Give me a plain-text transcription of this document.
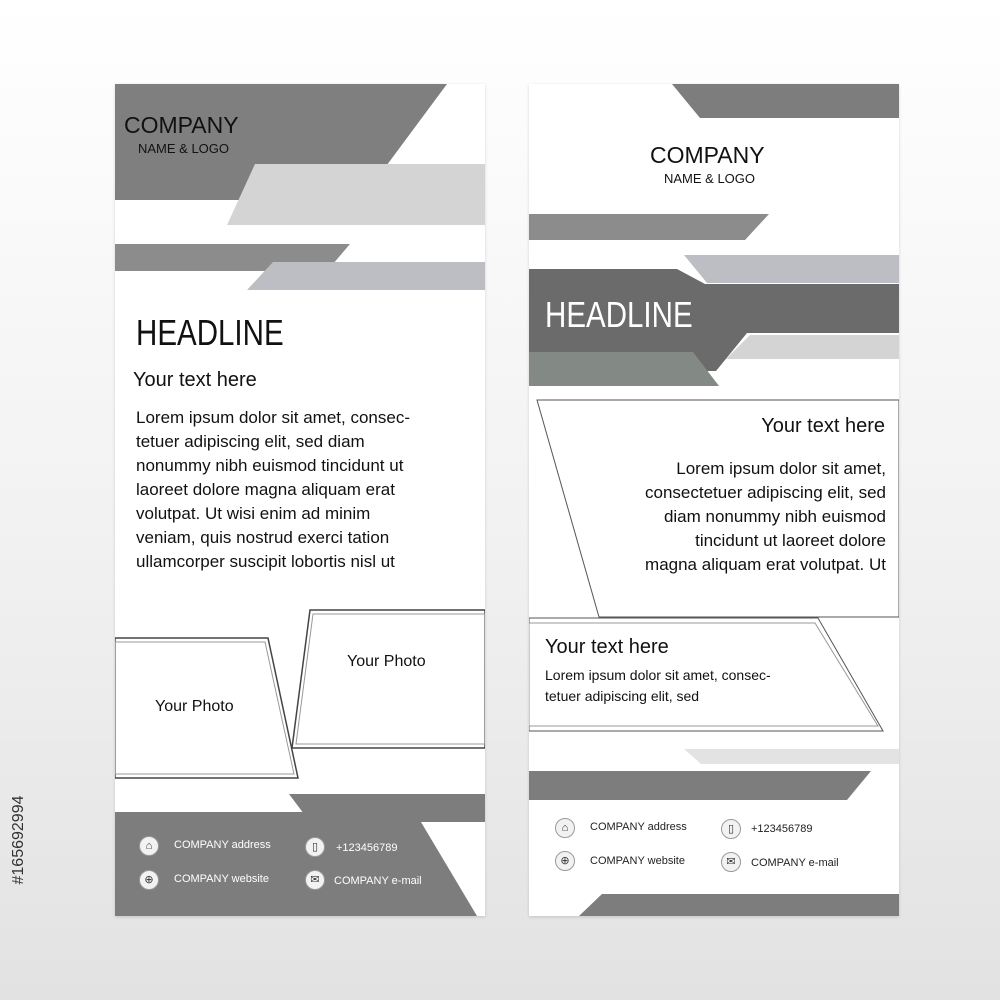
COMPANY
NAME & LOGO
HEADLINE
Your text here
Lorem ipsum dolor sit amet, consec-
tetuer adipiscing elit, sed diam
nonummy nibh euismod tincidunt ut
laoreet dolore magna aliquam erat
volutpat. Ut wisi enim ad minim
veniam, quis nostrud exerci tation
ullamcorper suscipit lobortis nisl ut
Your Photo
Your Photo
⌂	COMPANY address
⊕	COMPANY website
▯	+123456789
✉	COMPANY e-mail
COMPANY
NAME & LOGO
HEADLINE
Your text here
Lorem ipsum dolor sit amet,
consectetuer adipiscing elit, sed
diam nonummy nibh euismod
tincidunt ut laoreet dolore
magna aliquam erat volutpat. Ut
Your text here
Lorem ipsum dolor sit amet, consec-
tetuer adipiscing elit, sed
⌂	COMPANY address
⊕	COMPANY website
▯	+123456789
✉	COMPANY e-mail
#165692994
